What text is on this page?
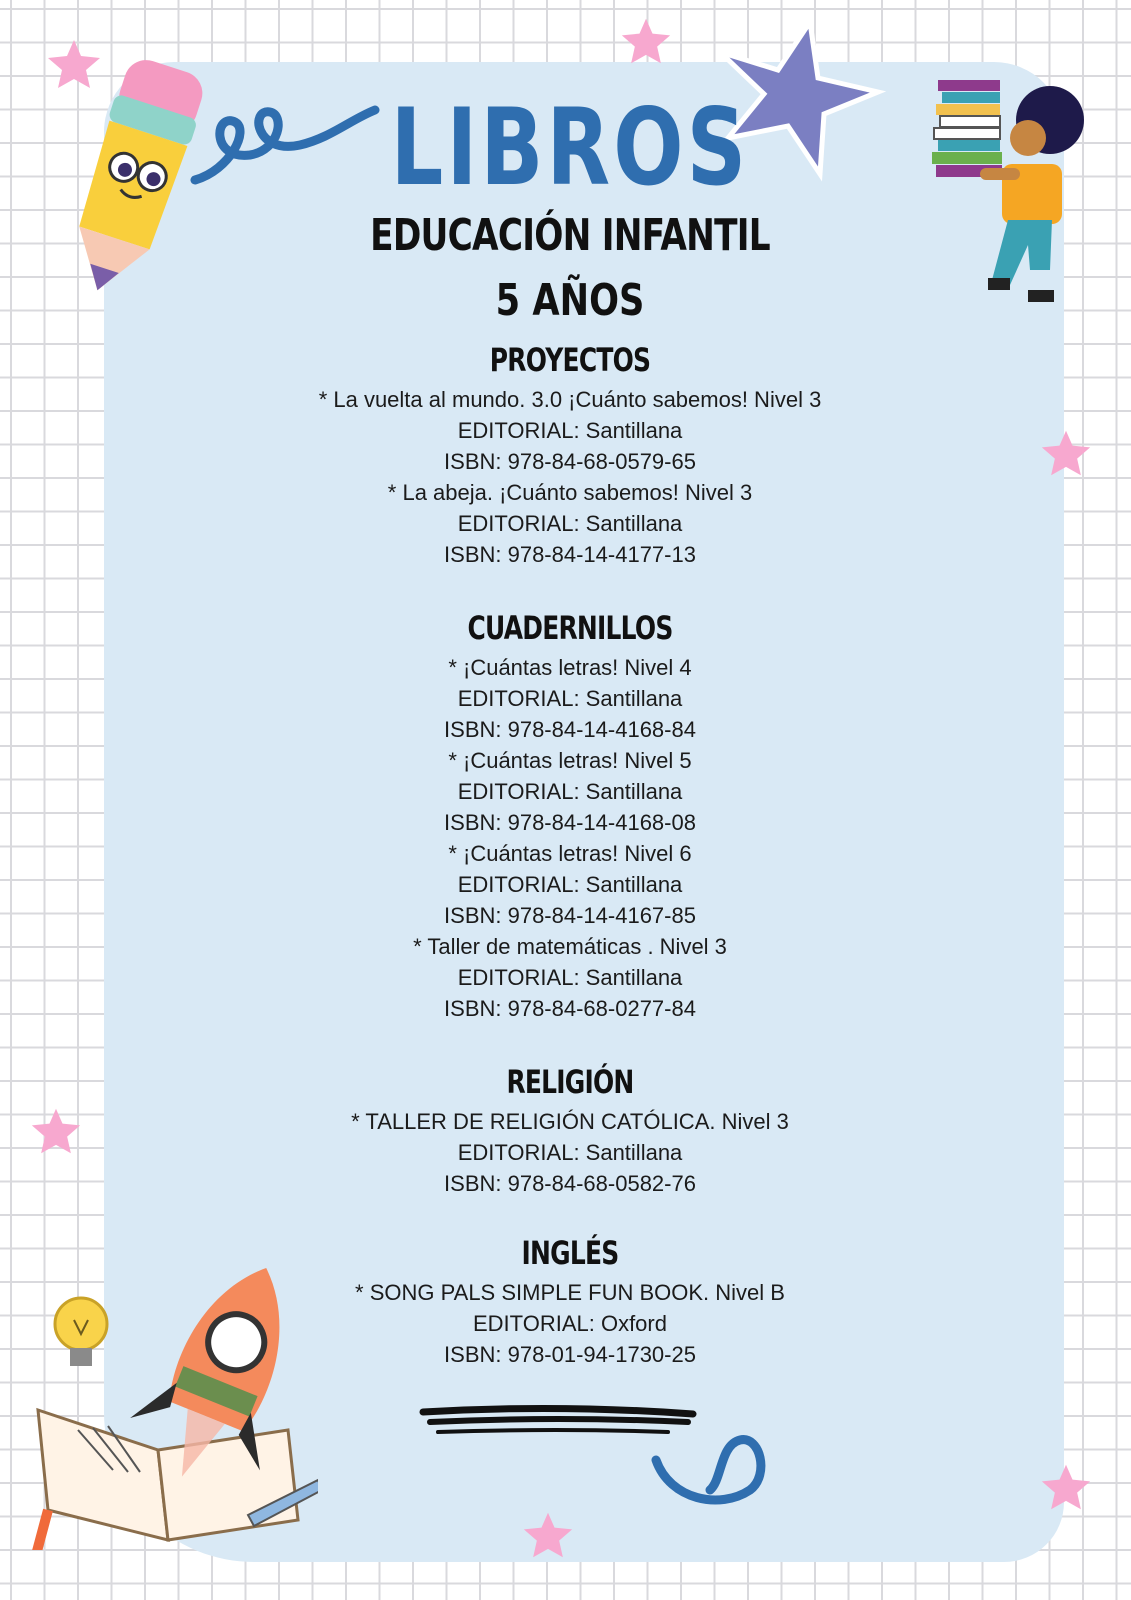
LIBROS
EDUCACIÓN INFANTIL
5 AÑOS
PROYECTOS
* La vuelta al mundo. 3.0 ¡Cuánto sabemos! Nivel 3
EDITORIAL: Santillana
ISBN: 978-84-68-0579-65
* La abeja. ¡Cuánto sabemos! Nivel 3
EDITORIAL: Santillana
ISBN: 978-84-14-4177-13
CUADERNILLOS
* ¡Cuántas letras! Nivel 4
EDITORIAL: Santillana
ISBN: 978-84-14-4168-84
* ¡Cuántas letras! Nivel 5
EDITORIAL: Santillana
ISBN: 978-84-14-4168-08
* ¡Cuántas letras! Nivel 6
EDITORIAL: Santillana
ISBN: 978-84-14-4167-85
* Taller de matemáticas . Nivel 3
EDITORIAL: Santillana
ISBN: 978-84-68-0277-84
RELIGIÓN
* TALLER DE RELIGIÓN CATÓLICA. Nivel 3
EDITORIAL: Santillana
ISBN: 978-84-68-0582-76
INGLÉS
* SONG PALS SIMPLE FUN BOOK. Nivel B
EDITORIAL: Oxford
ISBN: 978-01-94-1730-25
